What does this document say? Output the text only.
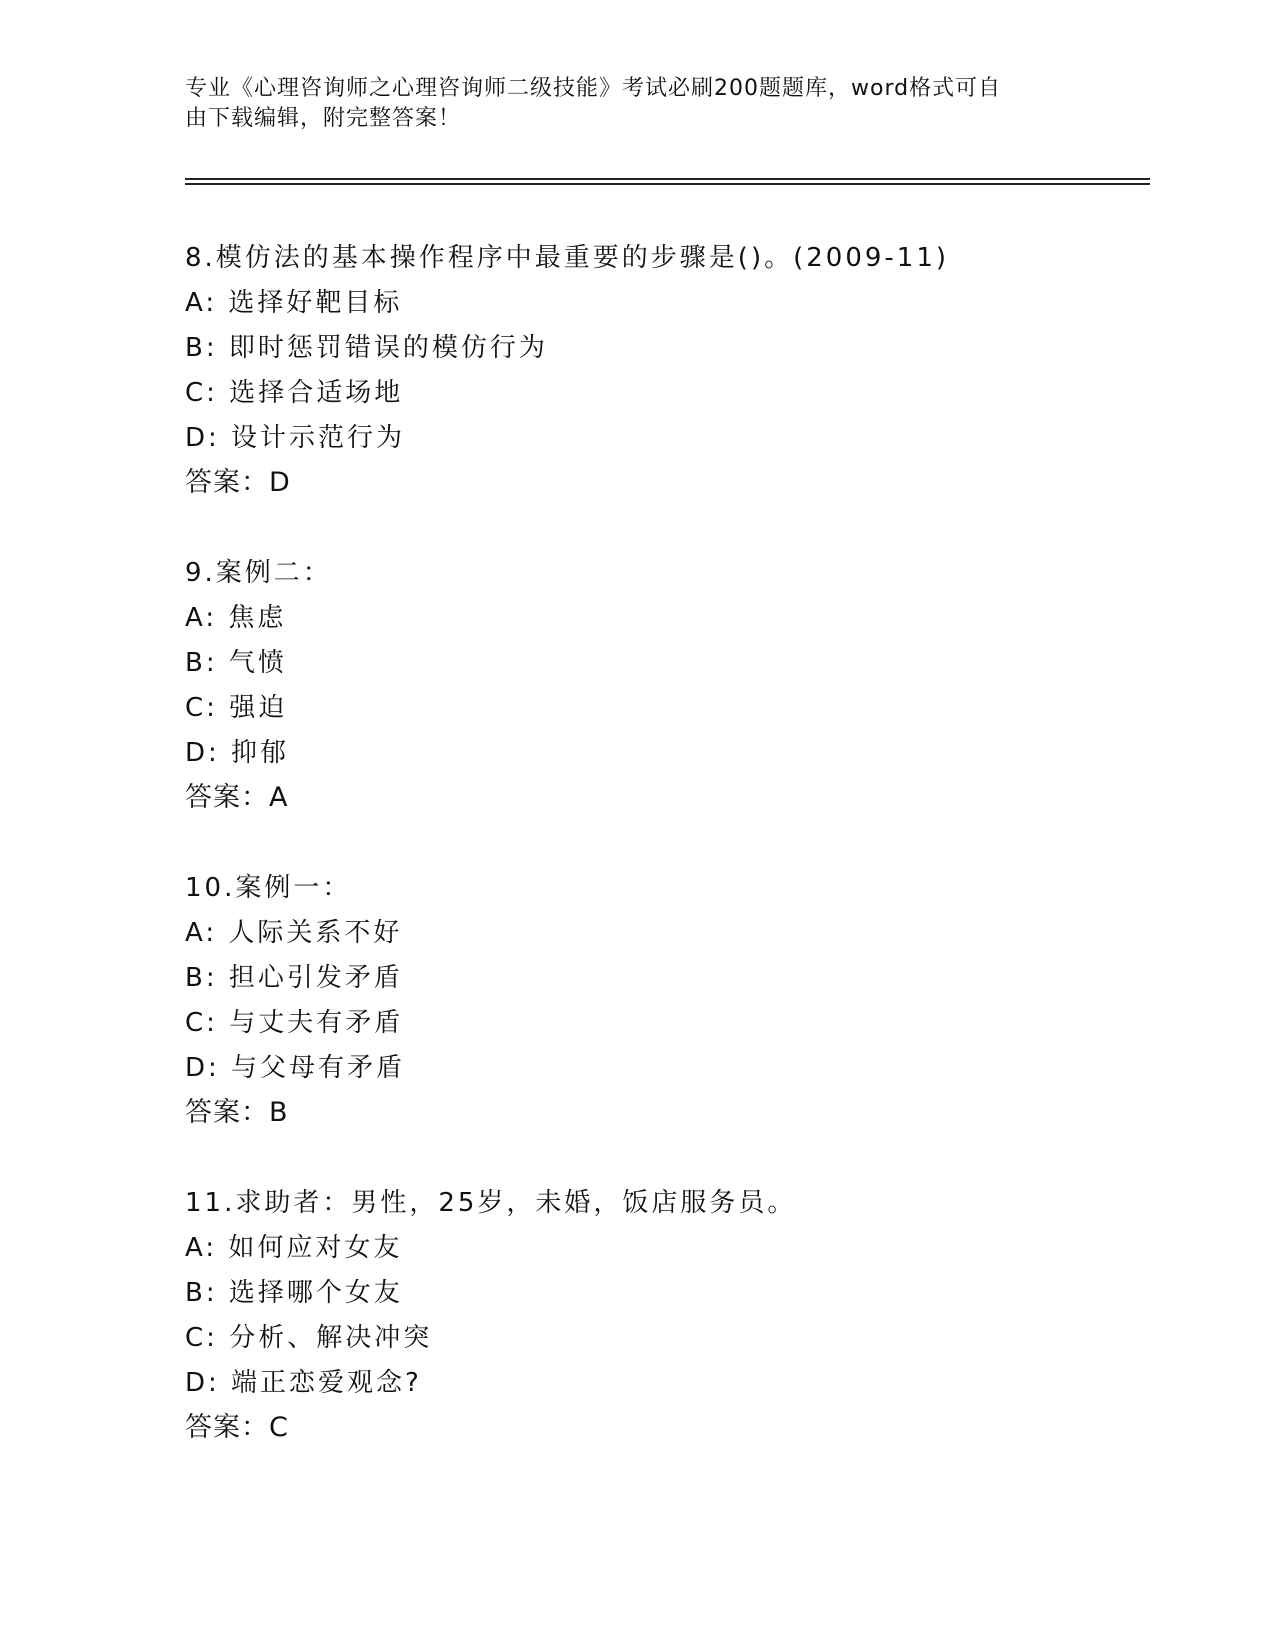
专业《心理咨询师之心理咨询师二级技能》考试必刷200题题库，word格式可自
由下载编辑，附完整答案！
8.模仿法的基本操作程序中最重要的步骤是()。(2009-11)
A: 选择好靶目标
B: 即时惩罚错误的模仿行为
C: 选择合适场地
D: 设计示范行为
答案：D
9.案例二：
A: 焦虑
B: 气愤
C: 强迫
D: 抑郁
答案：A
10.案例一：
A: 人际关系不好
B: 担心引发矛盾
C: 与丈夫有矛盾
D: 与父母有矛盾
答案：B
11.求助者：男性，25岁，未婚，饭店服务员。
A: 如何应对女友
B: 选择哪个女友
C: 分析、解决冲突
D: 端正恋爱观念?
答案：C
